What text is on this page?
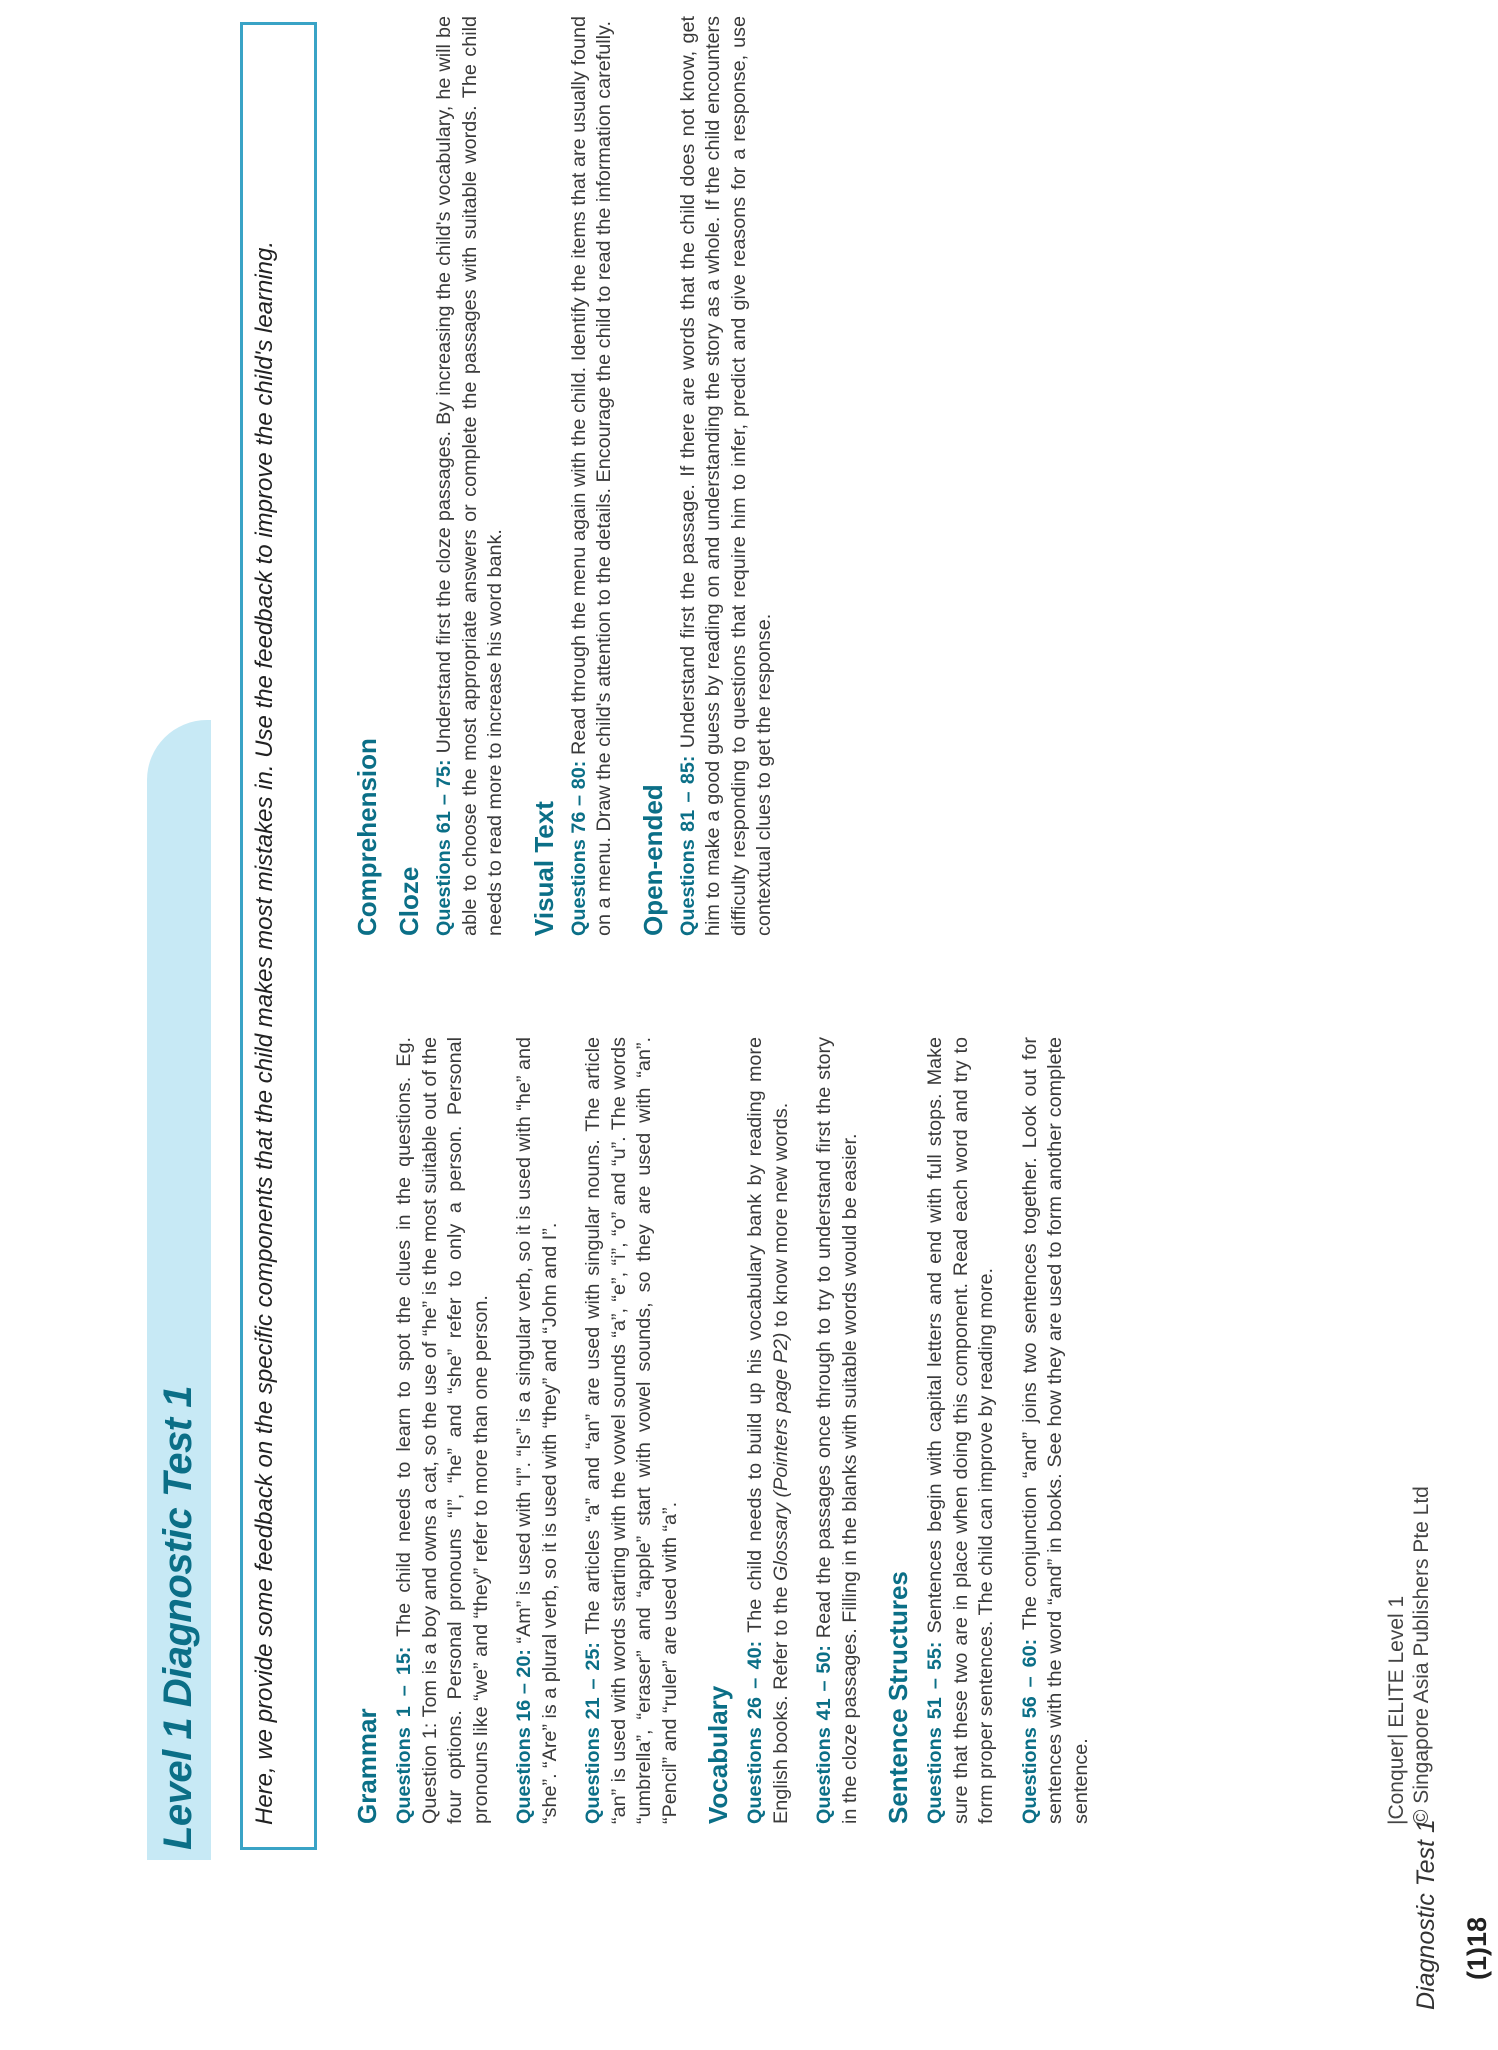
Level 1 Diagnostic Test 1	Here, we provide some feedback on the specific components that the child makes most mistakes in. Use the feedback to improve the child's learning.	Grammar Questions 1 – 15: The child needs to learn to spot the clues in the questions. Eg. Question 1: Tom is a boy and owns a cat, so the use of “he” is the most suitable out of the four options. Personal pronouns “I”, “he” and “she” refer to only a person. Personal pronouns like “we” and “they” refer to more than one person. Questions 16 – 20: “Am” is used with “I”. “Is” is a singular verb, so it is used with “he” and “she”. “Are” is a plural verb, so it is used with “they” and “John and I”. Questions 21 – 25: The articles “a” and “an” are used with singular nouns. The article “an” is used with words starting with the vowel sounds “a”, “e”, “i”, “o” and “u”. The words “umbrella”, “eraser” and “apple” start with vowel sounds, so they are used with “an”. “Pencil” and “ruler” are used with “a”. Vocabulary Questions 26 – 40: The child needs to build up his vocabulary bank by reading more English books. Refer to the Glossary (Pointers page P2) to know more new words.

Questions 41 – 50: Read the passages once through to try to understand first the story in the cloze passages. Filling in the blanks with suitable words would be easier. Sentence Structures Questions 51 – 55: Sentences begin with capital letters and end with full stops. Make sure that these two are in place when doing this component. Read each word and try to form proper sentences. The child can improve by reading more. Questions 56 – 60: The conjunction “and” joins two sentences together. Look out for sentences with the word “and” in books. See how they are used to form another complete sentence.

Comprehension Cloze Questions 61 – 75: Understand first the cloze passages. By increasing the child's vocabulary, he will be able to choose the most appropriate answers or complete the passages with suitable words. The child needs to read more to increase his word bank. Visual Text Questions 76 – 80: Read through the menu again with the child. Identify the items that are usually found on a menu. Draw the child's attention to the details. Encourage the child to read the information carefully. Open-ended Questions 81 – 85: Understand first the passage. If there are words that the child does not know, get him to make a good guess by reading on and understanding the story as a whole. If the child encounters difficulty responding to questions that require him to infer, predict and give reasons for a response, use contextual clues to get the response.

|Conquer| ELITE Level 1 © Singapore Asia Publishers Pte Ltd
(1)18
Diagnostic Test 1
